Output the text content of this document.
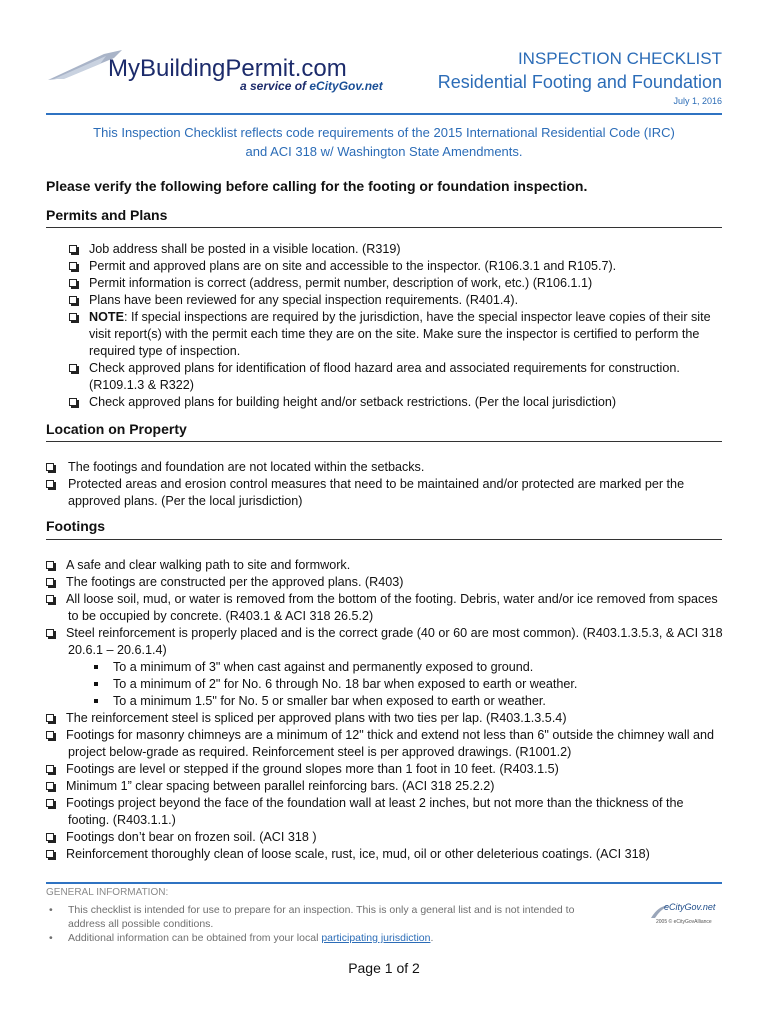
MyBuildingPermit.com
a service of eCityGov.net
INSPECTION CHECKLIST
Residential Footing and Foundation
July 1, 2016
This Inspection Checklist reflects code requirements of the 2015 International Residential Code (IRC)
and ACI 318 w/ Washington State Amendments.
Please verify the following before calling for the footing or foundation inspection.
Permits and Plans
Job address shall be posted in a visible location. (R319)
Permit and approved plans are on site and accessible to the inspector. (R106.3.1 and R105.7).
Permit information is correct (address, permit number, description of work, etc.) (R106.1.1)
Plans have been reviewed for any special inspection requirements. (R401.4).
NOTE: If special inspections are required by the jurisdiction, have the special inspector leave copies of their site visit report(s) with the permit each time they are on the site. Make sure the inspector is certified to perform the required type of inspection.
Check approved plans for identification of flood hazard area and associated requirements for construction. (R109.1.3 & R322)
Check approved plans for building height and/or setback restrictions. (Per the local jurisdiction)
Location on Property
The footings and foundation are not located within the setbacks.
Protected areas and erosion control measures that need to be maintained and/or protected are marked per the approved plans. (Per the local jurisdiction)
Footings
A safe and clear walking path to site and formwork.
The footings are constructed per the approved plans. (R403)
All loose soil, mud, or water is removed from the bottom of the footing. Debris, water and/or ice removed from spaces to be occupied by concrete. (R403.1 & ACI 318 26.5.2)
Steel reinforcement is properly placed and is the correct grade (40 or 60 are most common). (R403.1.3.5.3, & ACI 318 20.6.1 – 20.6.1.4)
To a minimum of 3" when cast against and permanently exposed to ground.
To a minimum of 2" for No. 6 through No. 18 bar when exposed to earth or weather.
To a minimum 1.5" for No. 5 or smaller bar when exposed to earth or weather.
The reinforcement steel is spliced per approved plans with two ties per lap. (R403.1.3.5.4)
Footings for masonry chimneys are a minimum of 12" thick and extend not less than 6" outside the chimney wall and project below-grade as required. Reinforcement steel is per approved drawings. (R1001.2)
Footings are level or stepped if the ground slopes more than 1 foot in 10 feet. (R403.1.5)
Minimum 1” clear spacing between parallel reinforcing bars. (ACI 318 25.2.2)
Footings project beyond the face of the foundation wall at least 2 inches, but not more than the thickness of the footing. (R403.1.1.)
Footings don’t bear on frozen soil. (ACI 318 )
Reinforcement thoroughly clean of loose scale, rust, ice, mud, oil or other deleterious coatings. (ACI 318)
GENERAL INFORMATION:
• This checklist is intended for use to prepare for an inspection. This is only a general list and is not intended to address all possible conditions.
• Additional information can be obtained from your local participating jurisdiction.
eCityGov.net
2005 © eCityGovAlliance
Page 1 of 2
